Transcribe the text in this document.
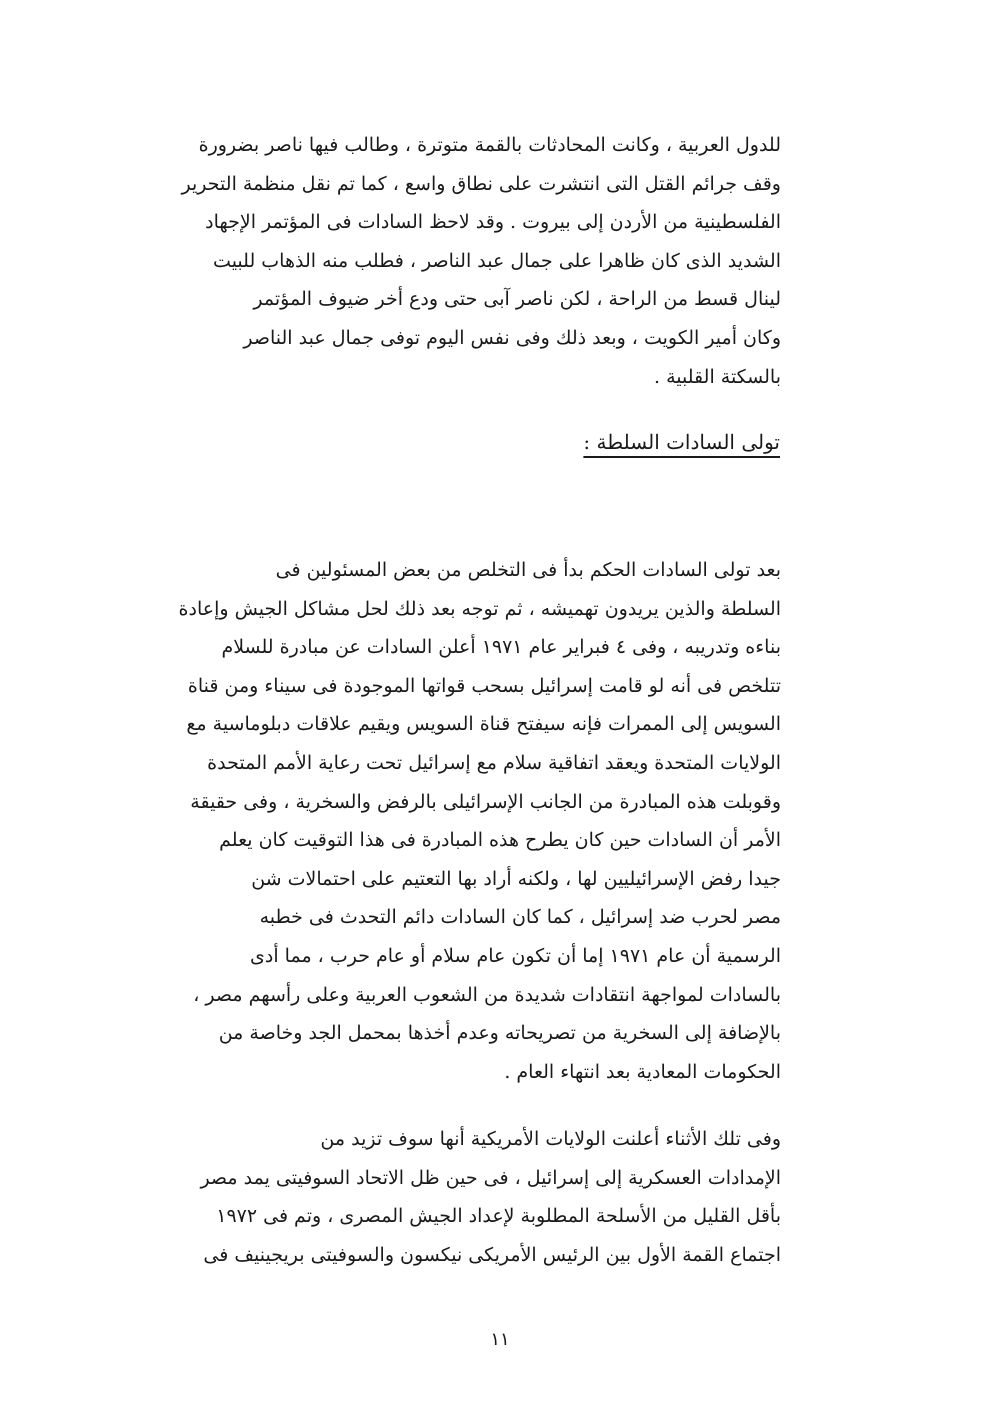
للدول العربية ، وكانت المحادثات بالقمة متوترة ، وطالب فيها ناصر بضرورة
وقف جرائم القتل التى انتشرت على نطاق واسع ، كما تم نقل منظمة التحرير
الفلسطينية من الأردن إلى بيروت . وقد لاحظ السادات فى المؤتمر الإجهاد
الشديد الذى كان ظاهرا على جمال عبد الناصر ، فطلب منه الذهاب للبيت
لينال قسط من الراحة ، لكن ناصر آبى حتى ودع أخر ضيوف المؤتمر
وكان أمير الكويت ، وبعد ذلك وفى نفس اليوم توفى جمال عبد الناصر
بالسكتة القلبية .
تولى السادات السلطة :
بعد تولى السادات الحكم بدأ فى التخلص من بعض المسئولين فى
السلطة والذين يريدون تهميشه ، ثم توجه بعد ذلك لحل مشاكل الجيش وإعادة
بناءه وتدريبه ، وفى ٤ فبراير عام ١٩٧١ أعلن السادات عن مبادرة للسلام
تتلخص فى أنه لو قامت إسرائيل بسحب قواتها الموجودة فى سيناء ومن قناة
السويس إلى الممرات فإنه سيفتح قناة السويس ويقيم علاقات دبلوماسية مع
الولايات المتحدة ويعقد اتفاقية سلام مع إسرائيل تحت رعاية الأمم المتحدة
وقوبلت هذه المبادرة من الجانب الإسرائيلى بالرفض والسخرية ، وفى حقيقة
الأمر أن السادات حين كان يطرح هذه المبادرة فى هذا التوقيت كان يعلم
جيدا رفض الإسرائيليين لها ، ولكنه أراد بها التعتيم على احتمالات شن
مصر لحرب ضد إسرائيل ، كما كان السادات دائم التحدث فى خطبه
الرسمية أن عام ١٩٧١ إما أن تكون عام سلام أو عام حرب ، مما أدى
بالسادات لمواجهة انتقادات شديدة من الشعوب العربية وعلى رأسهم مصر ،
بالإضافة إلى السخرية من تصريحاته وعدم أخذها بمحمل الجد وخاصة من
الحكومات المعادية بعد انتهاء العام .
وفى تلك الأثناء أعلنت الولايات الأمريكية أنها سوف تزيد من
الإمدادات العسكرية إلى إسرائيل ، فى حين ظل الاتحاد السوفيتى يمد مصر
بأقل القليل من الأسلحة المطلوبة لإعداد الجيش المصرى ، وتم فى ١٩٧٢
اجتماع القمة الأول بين الرئيس الأمريكى نيكسون والسوفيتى بريجينيف فى
١١
